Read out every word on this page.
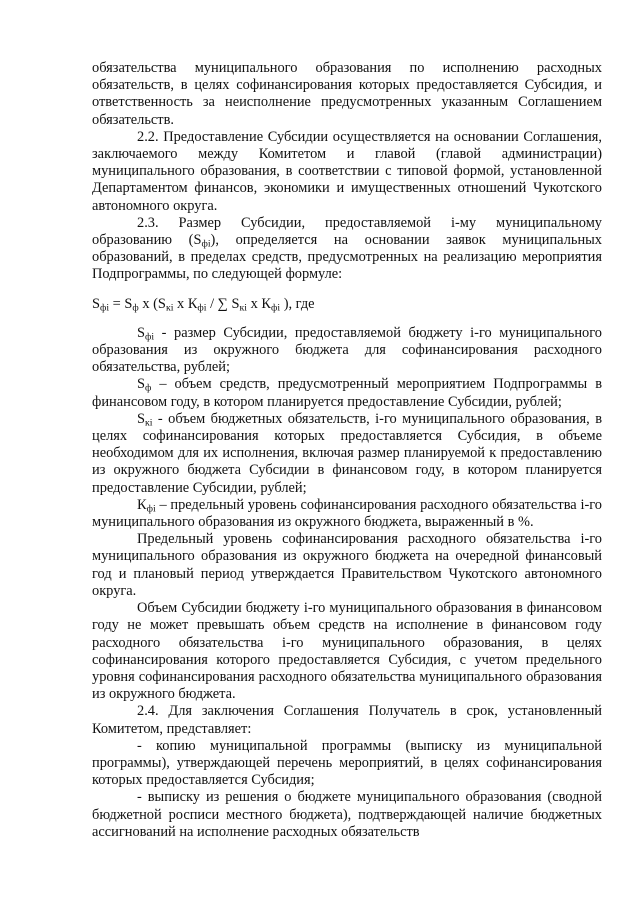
обязательства муниципального образования по исполнению расходных обязательств, в целях софинансирования которых предоставляется Субсидия, и ответственность за неисполнение предусмотренных указанным Соглашением обязательств.

2.2. Предоставление Субсидии осуществляется на основании Соглашения, заключаемого между Комитетом и главой (главой администрации) муниципального образования, в соответствии с типовой формой, установленной Департаментом финансов, экономики и имущественных отношений Чукотского автономного округа.

2.3. Размер Субсидии, предоставляемой i-му муниципальному образованию $(S_{фi})$, определяется на основании заявок муниципальных образований, в пределах средств, предусмотренных на реализацию мероприятия Подпрограммы, по следующей формуле:

$S_{фi} = S_ф$ x ($S_{кi}$ x $К_{фi}$ / ∑ $S_{кi}$ x $К_{фi}$ ), где

$S_{фi}$ - размер Субсидии, предоставляемой бюджету i-го муниципального образования из окружного бюджета для софинансирования расходного обязательства, рублей;

$S_ф$ – объем средств, предусмотренный мероприятием Подпрограммы в финансовом году, в котором планируется предоставление Субсидии, рублей;

$S_{кi}$ - объем бюджетных обязательств, i-го муниципального образования, в целях софинансирования которых предоставляется Субсидия, в объеме необходимом для их исполнения, включая размер планируемой к предоставлению из окружного бюджета Субсидии в финансовом году, в котором планируется предоставление Субсидии, рублей;

$К_{фi}$ – предельный уровень софинансирования расходного обязательства i-го муниципального образования из окружного бюджета, выраженный в %.

Предельный уровень софинансирования расходного обязательства i-го муниципального образования из окружного бюджета на очередной финансовый год и плановый период утверждается Правительством Чукотского автономного округа.

Объем Субсидии бюджету i-го муниципального образования в финансовом году не может превышать объем средств на исполнение в финансовом году расходного обязательства i-го муниципального образования, в целях софинансирования которого предоставляется Субсидия, с учетом предельного уровня софинансирования расходного обязательства муниципального образования из окружного бюджета.

2.4. Для заключения Соглашения Получатель в срок, установленный Комитетом, представляет:

- копию муниципальной программы (выписку из муниципальной программы), утверждающей перечень мероприятий, в целях софинансирования которых предоставляется Субсидия;

- выписку из решения о бюджете муниципального образования (сводной бюджетной росписи местного бюджета), подтверждающей наличие бюджетных ассигнований на исполнение расходных обязательств
